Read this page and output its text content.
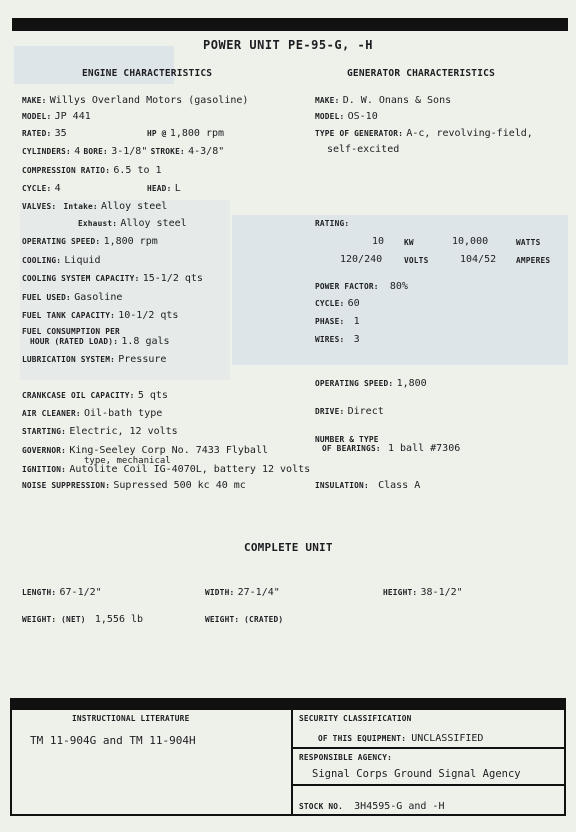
POWER UNIT PE-95-G, -H
ENGINE CHARACTERISTICS
MAKE: Willys Overland Motors (gasoline)
MODEL: JP 441
RATED: 35	HP @ 1,800 rpm
CYLINDERS: 4 BORE: 3-1/8" STROKE: 4-3/8"
COMPRESSION RATIO: 6.5 to 1
CYCLE: 4	HEAD: L
VALVES: Intake: Alloy steel
Exhaust: Alloy steel
OPERATING SPEED: 1,800 rpm
COOLING: Liquid
COOLING SYSTEM CAPACITY: 15-1/2 qts
FUEL USED: Gasoline
FUEL TANK CAPACITY: 10-1/2 qts
FUEL CONSUMPTION PER
HOUR (RATED LOAD): 1.8 gals
LUBRICATION SYSTEM: Pressure
CRANKCASE OIL CAPACITY: 5 qts
AIR CLEANER: Oil-bath type
STARTING: Electric, 12 volts
GOVERNOR: King-Seeley Corp No. 7433 Flyball
type, mechanical
IGNITION: Autolite Coil IG-4070L, battery 12 volts
NOISE SUPPRESSION: Supressed 500 kc 40 mc
GENERATOR CHARACTERISTICS
MAKE: D. W. Onans & Sons
MODEL: OS-10
TYPE OF GENERATOR: A-c, revolving-field,
self-excited
RATING:
10	KW	10,000	WATTS
120/240	VOLTS	104/52	AMPERES
POWER FACTOR: 80%
CYCLE: 60
PHASE: 1
WIRES: 3
OPERATING SPEED: 1,800
DRIVE: Direct
NUMBER & TYPE
OF BEARINGS: 1 ball #7306
INSULATION: Class A
COMPLETE UNIT
LENGTH: 67-1/2"	WIDTH: 27-1/4"	HEIGHT: 38-1/2"
WEIGHT: (NET) 1,556 lb	WEIGHT: (CRATED)
INSTRUCTIONAL LITERATURE
TM 11-904G and TM 11-904H
SECURITY CLASSIFICATION
OF THIS EQUIPMENT: UNCLASSIFIED
RESPONSIBLE AGENCY:
Signal Corps Ground Signal Agency
STOCK NO. 3H4595-G and -H
